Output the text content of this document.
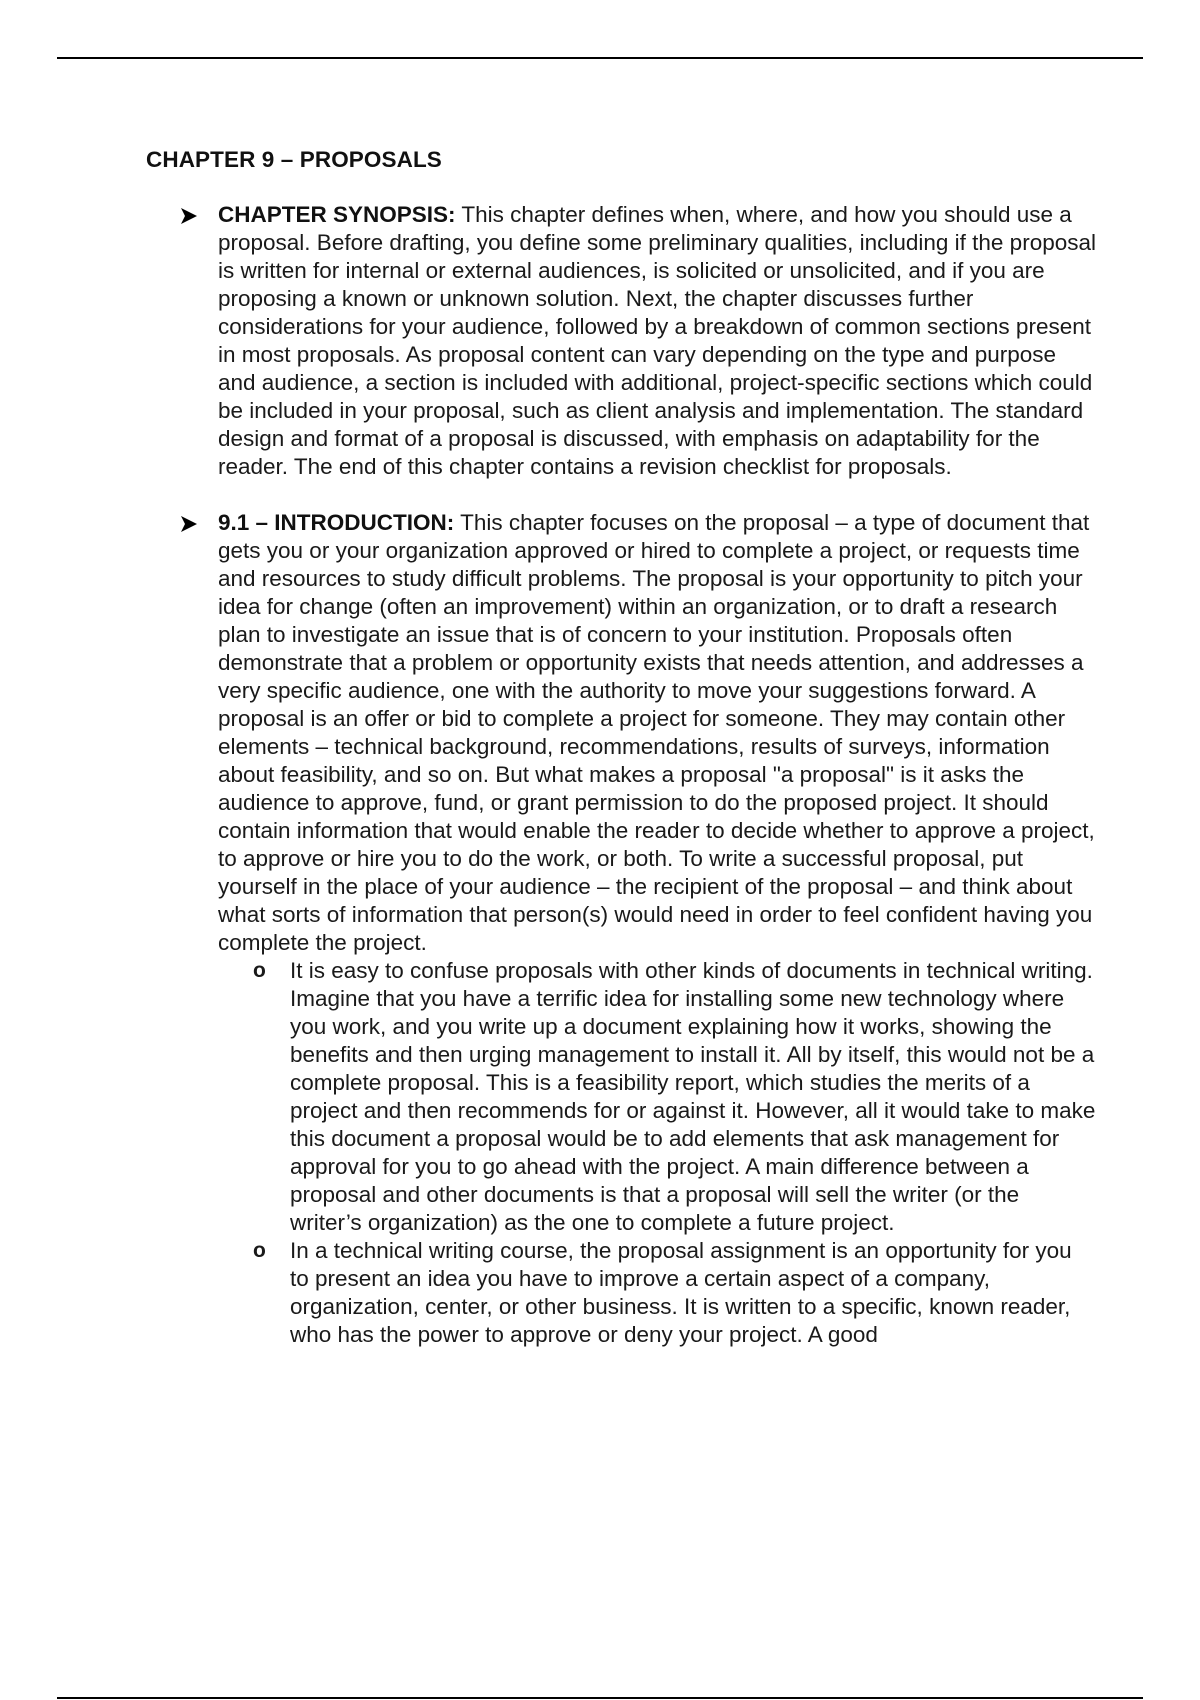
CHAPTER 9 – PROPOSALS
CHAPTER SYNOPSIS: This chapter defines when, where, and how you should use a proposal. Before drafting, you define some preliminary qualities, including if the proposal is written for internal or external audiences, is solicited or unsolicited, and if you are proposing a known or unknown solution. Next, the chapter discusses further considerations for your audience, followed by a breakdown of common sections present in most proposals. As proposal content can vary depending on the type and purpose and audience, a section is included with additional, project-specific sections which could be included in your proposal, such as client analysis and implementation. The standard design and format of a proposal is discussed, with emphasis on adaptability for the reader. The end of this chapter contains a revision checklist for proposals.
9.1 – INTRODUCTION: This chapter focuses on the proposal – a type of document that gets you or your organization approved or hired to complete a project, or requests time and resources to study difficult problems. The proposal is your opportunity to pitch your idea for change (often an improvement) within an organization, or to draft a research plan to investigate an issue that is of concern to your institution. Proposals often demonstrate that a problem or opportunity exists that needs attention, and addresses a very specific audience, one with the authority to move your suggestions forward. A proposal is an offer or bid to complete a project for someone. They may contain other elements – technical background, recommendations, results of surveys, information about feasibility, and so on. But what makes a proposal "a proposal" is it asks the audience to approve, fund, or grant permission to do the proposed project. It should contain information that would enable the reader to decide whether to approve a project, to approve or hire you to do the work, or both. To write a successful proposal, put yourself in the place of your audience – the recipient of the proposal – and think about what sorts of information that person(s) would need in order to feel confident having you complete the project.
o It is easy to confuse proposals with other kinds of documents in technical writing. Imagine that you have a terrific idea for installing some new technology where you work, and you write up a document explaining how it works, showing the benefits and then urging management to install it. All by itself, this would not be a complete proposal. This is a feasibility report, which studies the merits of a project and then recommends for or against it. However, all it would take to make this document a proposal would be to add elements that ask management for approval for you to go ahead with the project. A main difference between a proposal and other documents is that a proposal will sell the writer (or the writer’s organization) as the one to complete a future project.
o In a technical writing course, the proposal assignment is an opportunity for you to present an idea you have to improve a certain aspect of a company, organization, center, or other business. It is written to a specific, known reader, who has the power to approve or deny your project. A good
